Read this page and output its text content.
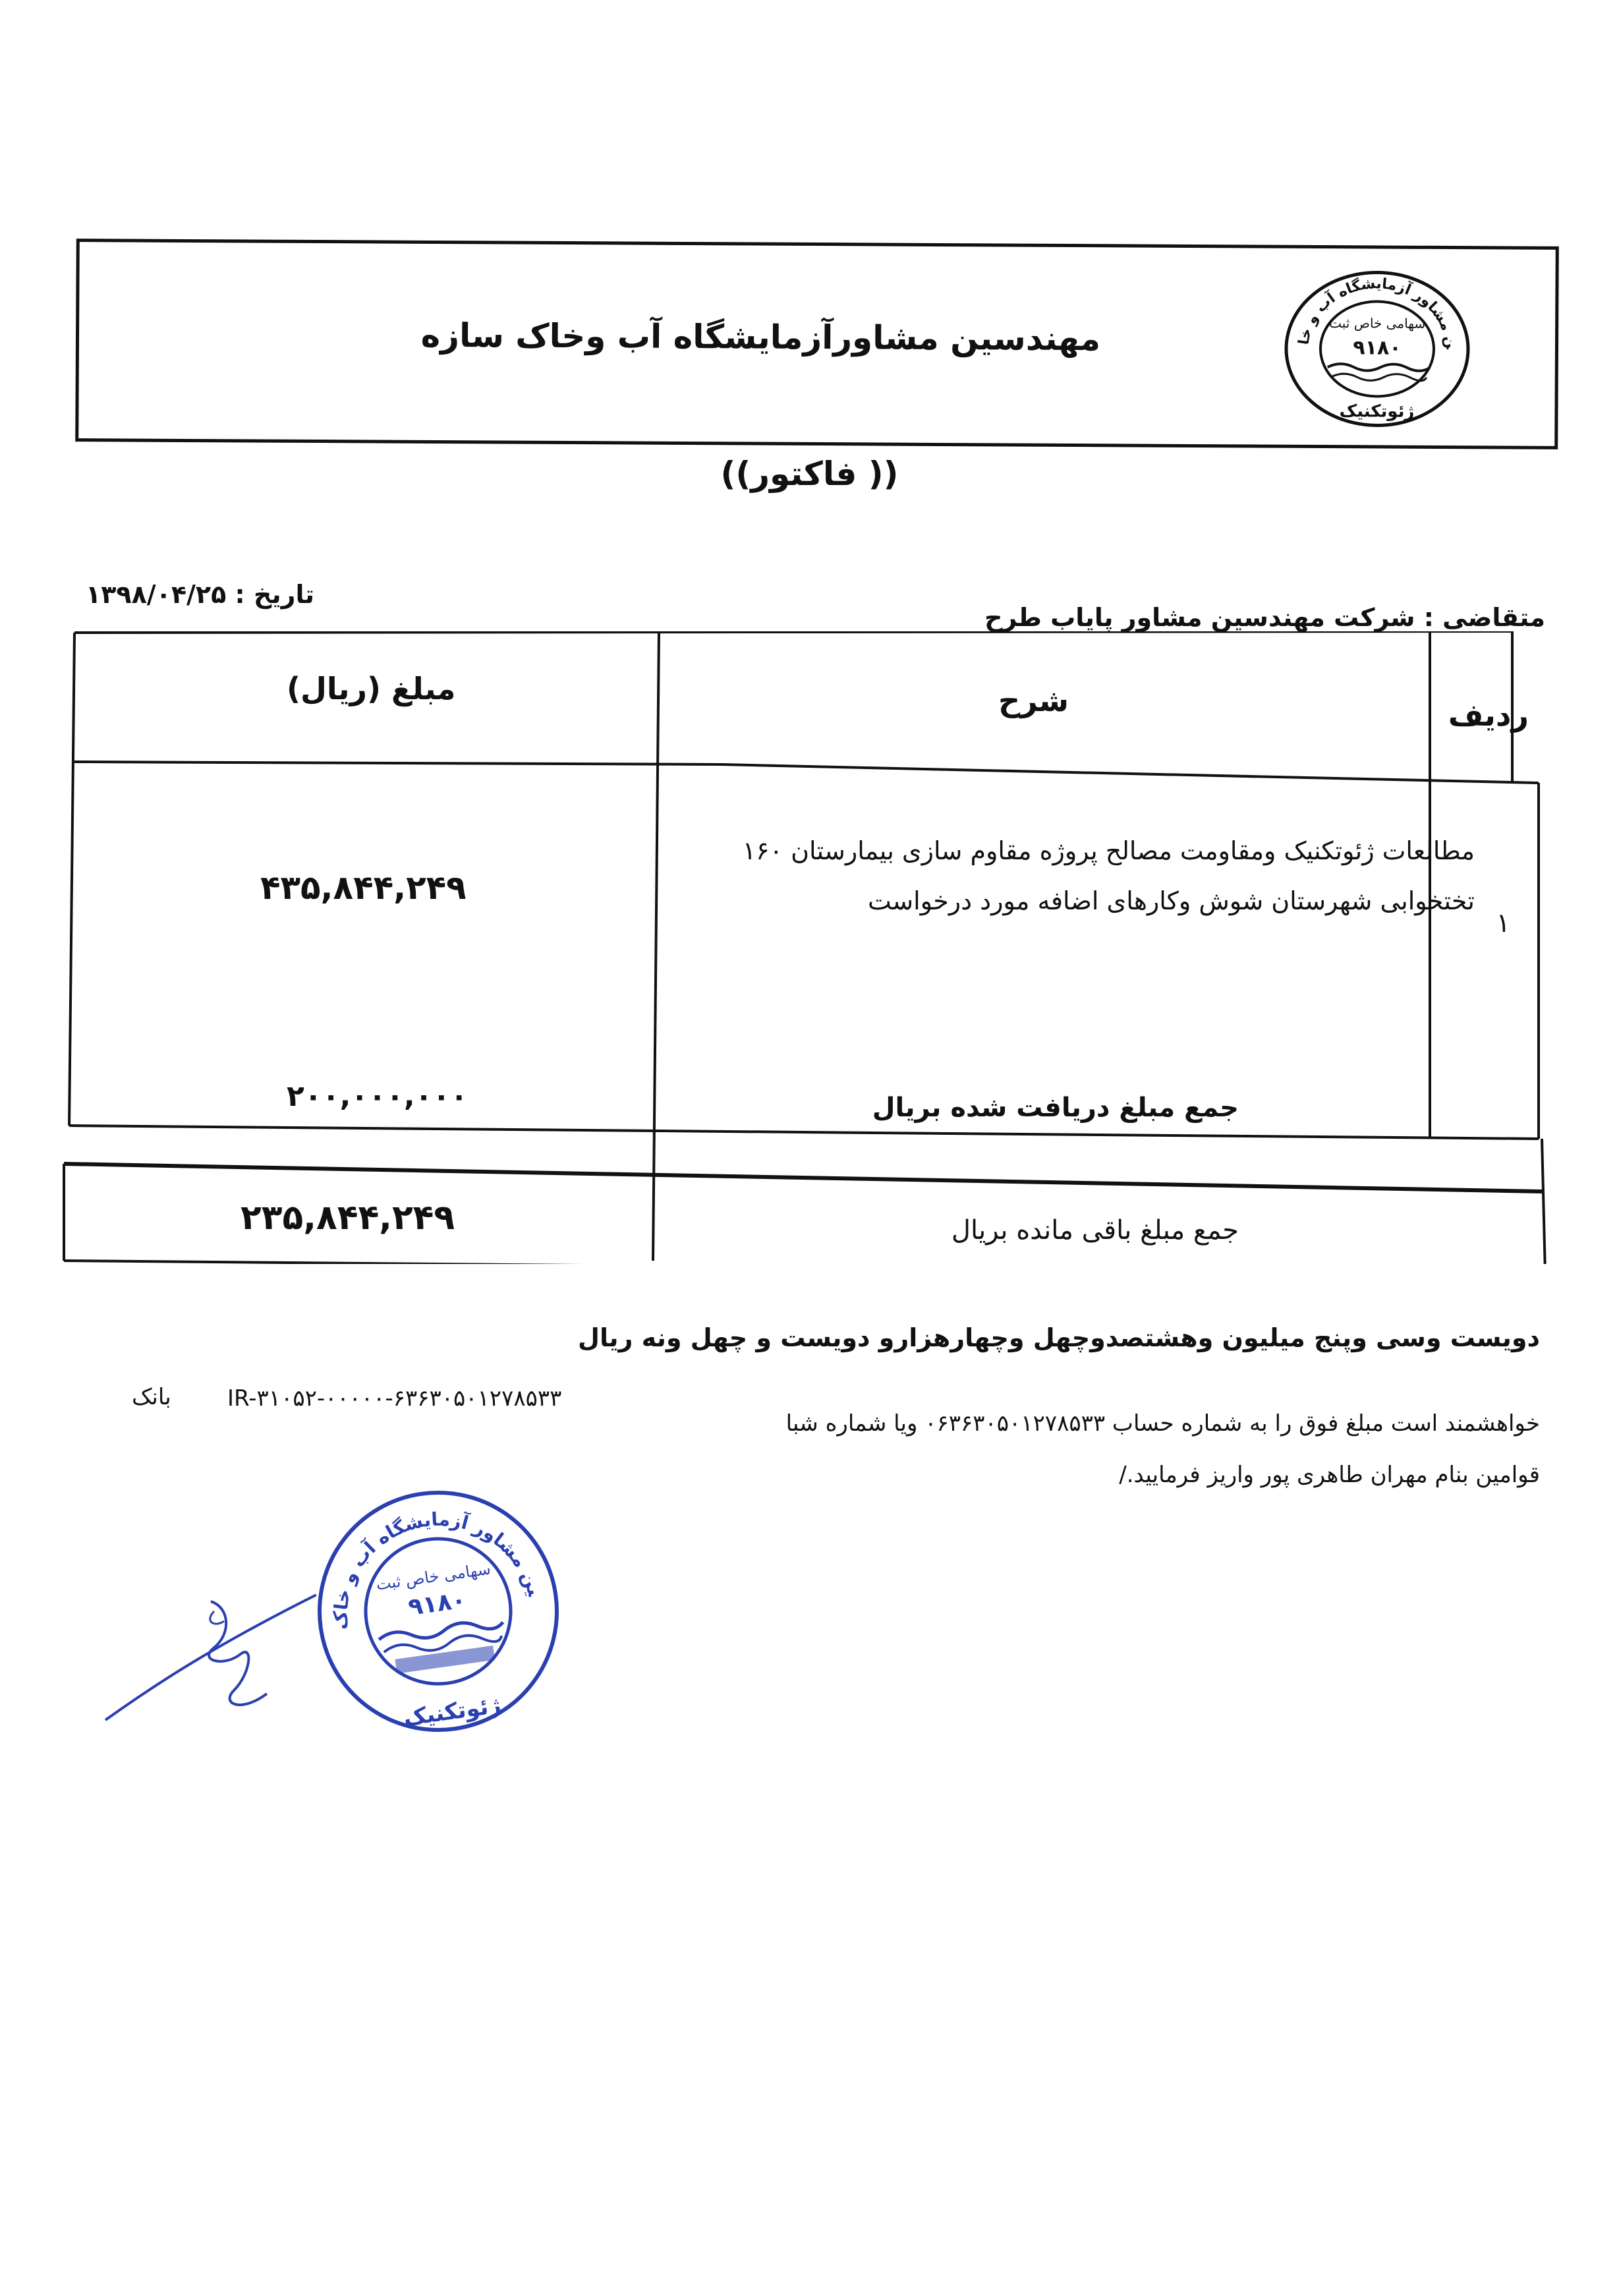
مهندسین مشاورآزمایشگاه آب وخاک سازه	مهندسین مشاور آزمایشگاه آب و خاک
سهامی خاص ثبت
۹۱۸۰
ژئوتکنیک
(( فاکتور))
تاریخ : ۱۳۹۸/۰۴/۲۵
متقاضی : شرکت مهندسین مشاور پایاب طرح
ردیف
شرح
مبلغ (ریال)
۱
مطالعات ژئوتکنیک ومقاومت مصالح پروژه مقاوم سازی بیمارستان ۱۶۰ تختخوابی شهرستان شوش وکارهای اضافه مورد درخواست
۴۳۵,۸۴۴,۲۴۹
جمع مبلغ دریافت شده بریال
۲۰۰,۰۰۰,۰۰۰
جمع مبلغ باقی مانده بریال
۲۳۵,۸۴۴,۲۴۹
دویست وسی وپنج میلیون وهشتصدوچهل وچهارهزارو دویست و چهل ونه ریال
خواهشمند است مبلغ فوق را به شماره حساب ۰۶۳۶۳۰۵۰۱۲۷۸۵۳۳ ویا شماره شبا
IR-۳۱۰۵۲-۰۰۰۰۰-۶۳۶۳۰۵۰۱۲۷۸۵۳۳
بانک
قوامین بنام مهران طاهری پور واریز فرمایید./
مهندسین مشاور آزمایشگاه آب و خاک
سهامی خاص ثبت
۹۱۸۰
ژئوتکنیک
